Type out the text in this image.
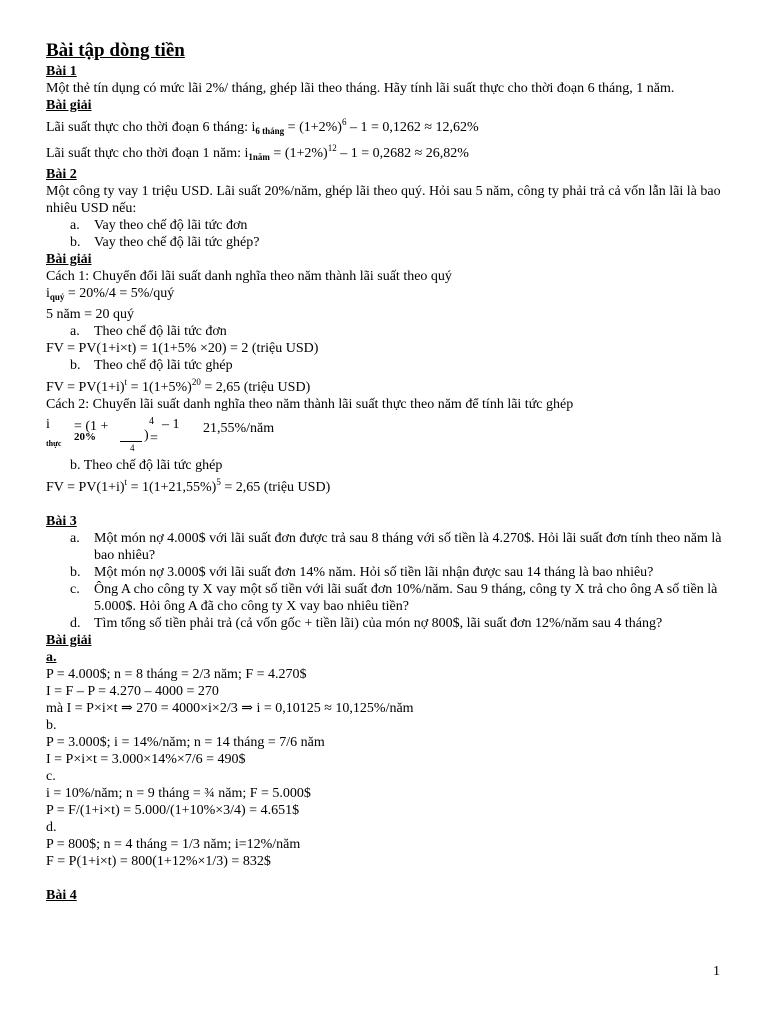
Bài tập dòng tiền
Bài 1
Một thẻ tín dụng có mức lãi 2%/ tháng, ghép lãi theo tháng. Hãy tính lãi suất thực cho thời đoạn 6 tháng, 1 năm.
Bài giải
Lãi suất thực cho thời đoạn 6 tháng: $i_{6 tháng} = (1+2\%)^6 - 1 = 0,1262 \approx 12,62\%$
Lãi suất thực cho thời đoạn 1 năm: $i_{1năm} = (1+2\%)^{12} - 1 = 0,2682 \approx 26,82\%$
Bài 2
Một công ty vay 1 triệu USD. Lãi suất 20%/năm, ghép lãi theo quý. Hỏi sau 5 năm, công ty phải trả cả vốn lẫn lãi là bao nhiêu USD nếu:
a. Vay theo chế độ lãi tức đơn
b. Vay theo chế độ lãi tức ghép?
Bài giải
Cách 1: Chuyển đổi lãi suất danh nghĩa theo năm thành lãi suất theo quý
$i_{quý} = 20\%/4$ = 5%/quý
5 năm = 20 quý
a. Theo chế độ lãi tức đơn
FV = PV(1+i×t) = 1(1+5% ×20) = 2 (triệu USD)
b. Theo chế độ lãi tức ghép
FV = $PV(1+i)^t = 1(1+5\%)^{20} = 2,65$ (triệu USD)
Cách 2: Chuyển lãi suất danh nghĩa theo năm thành lãi suất thực theo năm để tính lãi tức ghép
i
thực
= (1 +
20%
4
) =
4 – 1 21,55%/năm
b. Theo chế độ lãi tức ghép
FV = $PV(1+i)^t = 1(1+21,55\%)^5 = 2,65$ (triệu USD)
Bài 3
a. Một món nợ 4.000$ với lãi suất đơn được trả sau 8 tháng với số tiền là 4.270$. Hỏi lãi suất đơn tính theo năm là bao nhiêu?
b. Một món nợ 3.000$ với lãi suất đơn 14% năm. Hỏi số tiền lãi nhận được sau 14 tháng là bao nhiêu?
c. Ông A cho công ty X vay một số tiền với lãi suất đơn 10%/năm. Sau 9 tháng, công ty X trả cho ông A số tiền là 5.000$. Hỏi ông A đã cho công ty X vay bao nhiêu tiền?
d. Tìm tổng số tiền phải trả (cả vốn gốc + tiền lãi) của món nợ 800$, lãi suất đơn 12%/năm sau 4 tháng?
Bài giải
a.
P = 4.000$; n = 8 tháng = 2/3 năm; F = 4.270$
I = F – P = 4.270 – 4000 = 270
mà I = P×i×t ⇒ 270 = 4000×i×2/3 ⇒ i = 0,10125 ≈ 10,125%/năm
b.
P = 3.000$; i = 14%/năm; n = 14 tháng = 7/6 năm
I = P×i×t = 3.000×14%×7/6 = 490$
c.
i = 10%/năm; n = 9 tháng = ¾ năm; F = 5.000$
P = F/(1+i×t) = 5.000/(1+10%×3/4) = 4.651$
d.
P = 800$; n = 4 tháng = 1/3 năm; i=12%/năm
F = P(1+i×t) = 800(1+12%×1/3) = 832$
Bài 4
1
